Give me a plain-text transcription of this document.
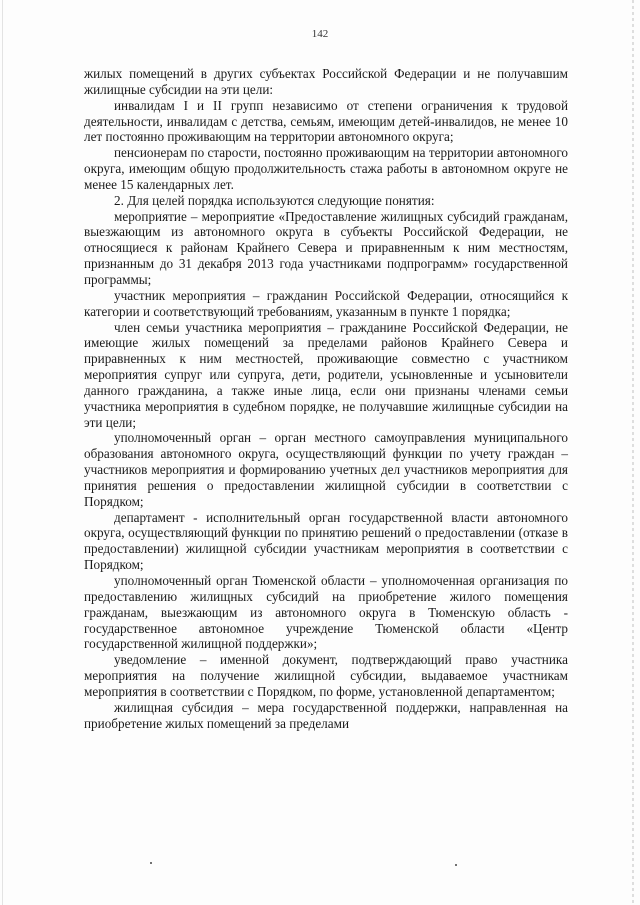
142

жилых помещений в других субъектах Российской Федерации и не получавшим жилищные субсидии на эти цели:

инвалидам I и II групп независимо от степени ограничения к трудовой деятельности, инвалидам с детства, семьям, имеющим детей-инвалидов, не менее 10 лет постоянно проживающим на территории автономного округа;

пенсионерам по старости, постоянно проживающим на территории автономного округа, имеющим общую продолжительность стажа работы в автономном округе не менее 15 календарных лет.

2. Для целей порядка используются следующие понятия:

мероприятие – мероприятие «Предоставление жилищных субсидий гражданам, выезжающим из автономного округа в субъекты Российской Федерации, не относящиеся к районам Крайнего Севера и приравненным к ним местностям, признанным до 31 декабря 2013 года участниками подпрограмм» государственной программы;

участник мероприятия – гражданин Российской Федерации, относящийся к категории и соответствующий требованиям, указанным в пункте 1 порядка;

член семьи участника мероприятия – гражданине Российской Федерации, не имеющие жилых помещений за пределами районов Крайнего Севера и приравненных к ним местностей, проживающие совместно с участником мероприятия супруг или супруга, дети, родители, усыновленные и усыновители данного гражданина, а также иные лица, если они признаны членами семьи участника мероприятия в судебном порядке, не получавшие жилищные субсидии на эти цели;

уполномоченный орган – орган местного самоуправления муниципального образования автономного округа, осуществляющий функции по учету граждан – участников мероприятия и формированию учетных дел участников мероприятия для принятия решения о предоставлении жилищной субсидии в соответствии с Порядком;

департамент - исполнительный орган государственной власти автономного округа, осуществляющий функции по принятию решений о предоставлении (отказе в предоставлении) жилищной субсидии участникам мероприятия в соответствии с Порядком;

уполномоченный орган Тюменской области – уполномоченная организация по предоставлению жилищных субсидий на приобретение жилого помещения гражданам, выезжающим из автономного округа в Тюменскую область - государственное автономное учреждение Тюменской области «Центр государственной жилищной поддержки»;

уведомление – именной документ, подтверждающий право участника мероприятия на получение жилищной субсидии, выдаваемое участникам мероприятия в соответствии с Порядком, по форме, установленной департаментом;

жилищная субсидия – мера государственной поддержки, направленная на приобретение жилых помещений за пределами
